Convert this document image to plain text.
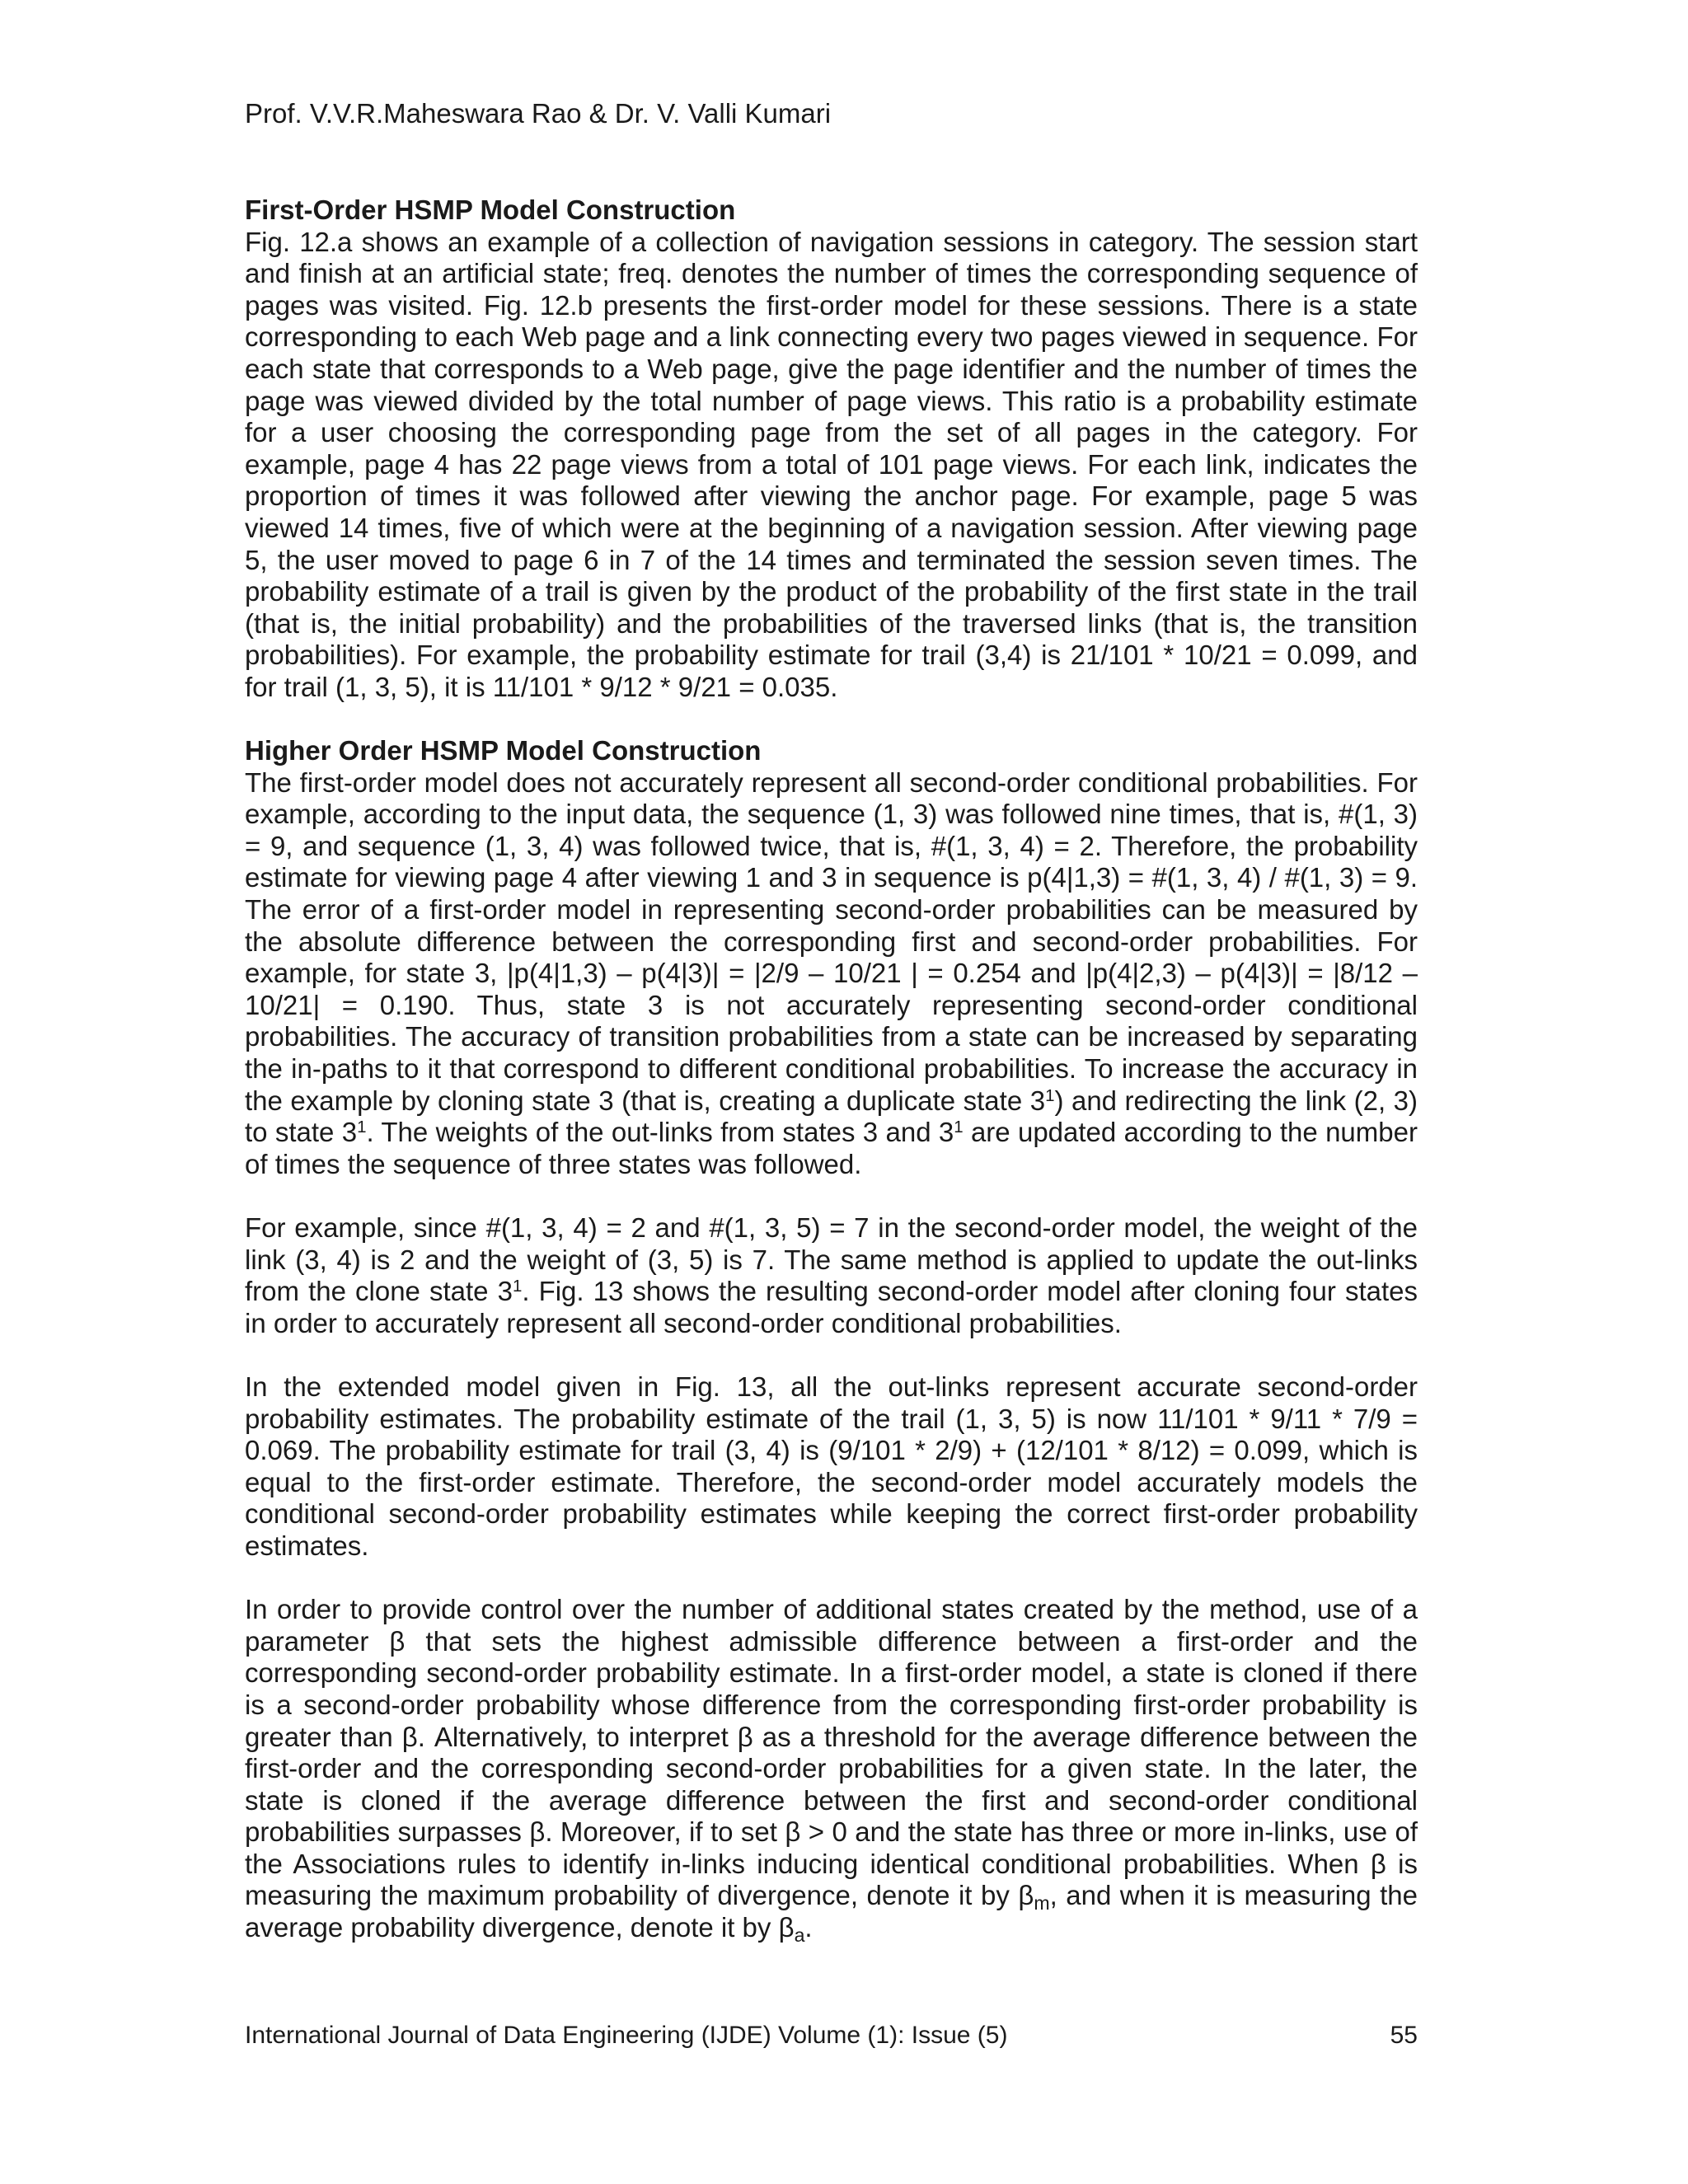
Prof. V.V.R.Maheswara Rao & Dr. V. Valli Kumari
First-Order HSMP Model Construction

Fig. 12.a shows an example of a collection of navigation sessions in category. The session start and finish at an artificial state; freq. denotes the number of times the corresponding sequence of pages was visited. Fig. 12.b presents the first-order model for these sessions. There is a state corresponding to each Web page and a link connecting every two pages viewed in sequence. For each state that corresponds to a Web page, give the page identifier and the number of times the page was viewed divided by the total number of page views. This ratio is a probability estimate for a user choosing the corresponding page from the set of all pages in the category. For example, page 4 has 22 page views from a total of 101 page views. For each link, indicates the proportion of times it was followed after viewing the anchor page. For example, page 5 was viewed 14 times, five of which were at the beginning of a navigation session. After viewing page 5, the user moved to page 6 in 7 of the 14 times and terminated the session seven times. The probability estimate of a trail is given by the product of the probability of the first state in the trail (that is, the initial probability) and the probabilities of the traversed links (that is, the transition probabilities). For example, the probability estimate for trail (3,4) is 21/101 * 10/21 = 0.099, and for trail (1, 3, 5), it is 11/101 * 9/12 * 9/21 = 0.035.

Higher Order HSMP Model Construction

The first-order model does not accurately represent all second-order conditional probabilities. For example, according to the input data, the sequence (1, 3) was followed nine times, that is, #(1, 3) = 9, and sequence (1, 3, 4) was followed twice, that is, #(1, 3, 4) = 2. Therefore, the probability estimate for viewing page 4 after viewing 1 and 3 in sequence is p(4|1,3) = #(1, 3, 4) / #(1, 3) = 9. The error of a first-order model in representing second-order probabilities can be measured by the absolute difference between the corresponding first and second-order probabilities. For example, for state 3, |p(4|1,3) – p(4|3)| = |2/9 – 10/21 | = 0.254 and |p(4|2,3) – p(4|3)| = |8/12 – 10/21| = 0.190. Thus, state 3 is not accurately representing second-order conditional probabilities. The accuracy of transition probabilities from a state can be increased by separating the in-paths to it that correspond to different conditional probabilities. To increase the accuracy in the example by cloning state 3 (that is, creating a duplicate state $3^1$) and redirecting the link (2, 3) to state $3^1$. The weights of the out-links from states 3 and $3^1$ are updated according to the number of times the sequence of three states was followed.

For example, since #(1, 3, 4) = 2 and #(1, 3, 5) = 7 in the second-order model, the weight of the link (3, 4) is 2 and the weight of (3, 5) is 7. The same method is applied to update the out-links from the clone state $3^1$. Fig. 13 shows the resulting second-order model after cloning four states in order to accurately represent all second-order conditional probabilities.

In the extended model given in Fig. 13, all the out-links represent accurate second-order probability estimates. The probability estimate of the trail (1, 3, 5) is now 11/101 * 9/11 * 7/9 = 0.069. The probability estimate for trail (3, 4) is (9/101 * 2/9) + (12/101 * 8/12) = 0.099, which is equal to the first-order estimate. Therefore, the second-order model accurately models the conditional second-order probability estimates while keeping the correct first-order probability estimates.

In order to provide control over the number of additional states created by the method, use of a parameter β that sets the highest admissible difference between a first-order and the corresponding second-order probability estimate. In a first-order model, a state is cloned if there is a second-order probability whose difference from the corresponding first-order probability is greater than β. Alternatively, to interpret β as a threshold for the average difference between the first-order and the corresponding second-order probabilities for a given state. In the later, the state is cloned if the average difference between the first and second-order conditional probabilities surpasses β. Moreover, if to set β > 0 and the state has three or more in-links, use of the Associations rules to identify in-links inducing identical conditional probabilities. When β is measuring the maximum probability of divergence, denote it by $\beta_m$, and when it is measuring the average probability divergence, denote it by $\beta_a$.

International Journal of Data Engineering (IJDE) Volume (1): Issue (5)	55
